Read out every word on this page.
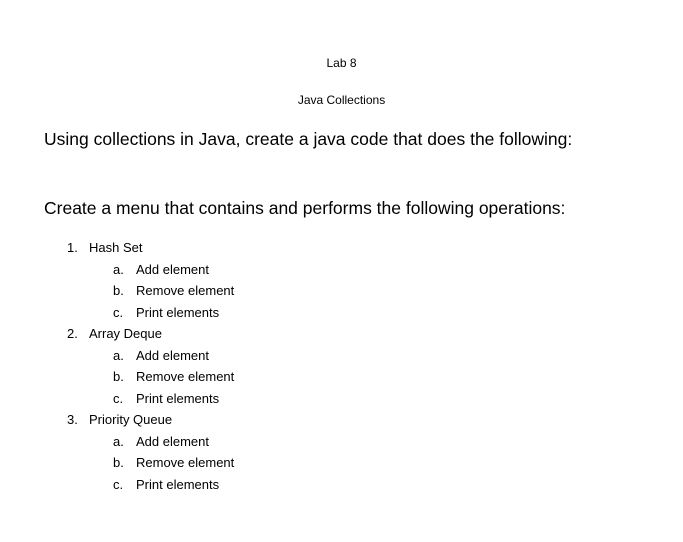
Lab 8
Java Collections
Using collections in Java, create a java code that does the following:
Create a menu that contains and performs the following operations:
1. Hash Set
a. Add element
b. Remove element
c. Print elements
2. Array Deque
a. Add element
b. Remove element
c. Print elements
3. Priority Queue
a. Add element
b. Remove element
c. Print elements
